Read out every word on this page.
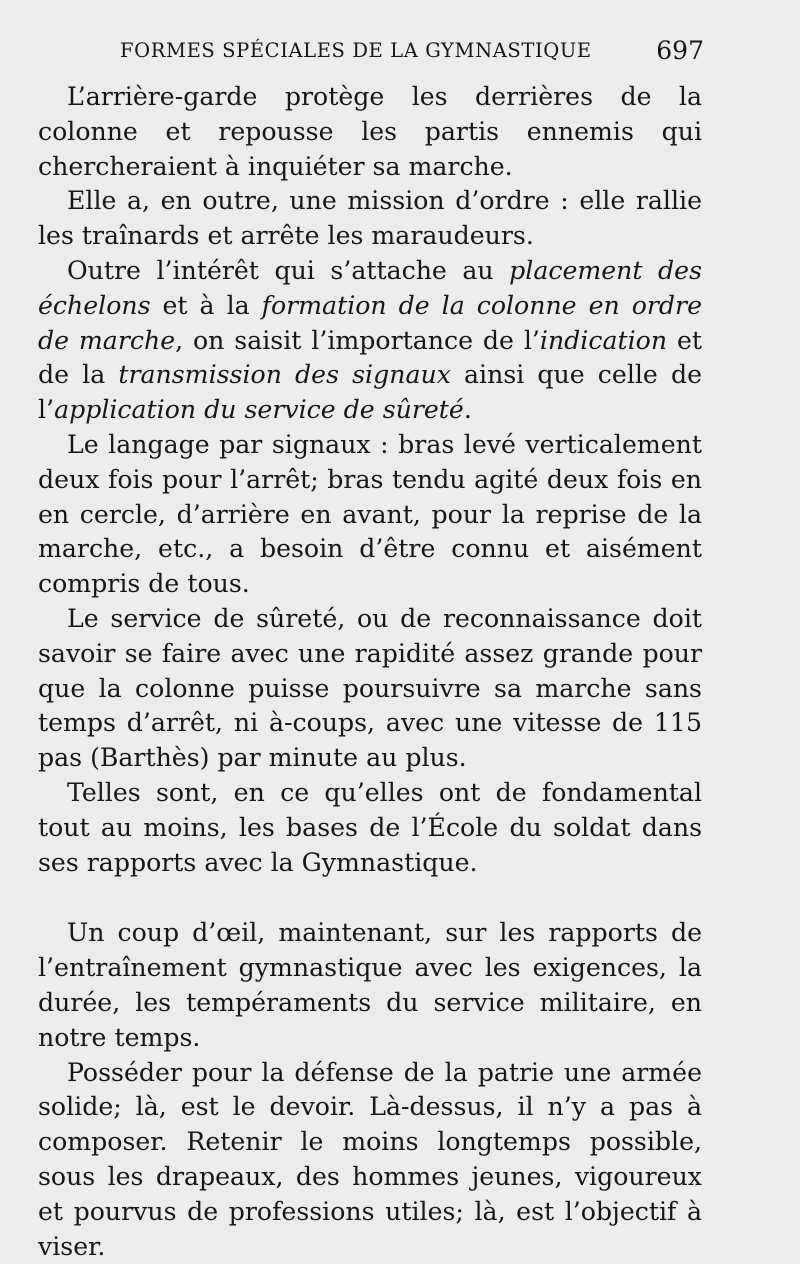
FORMES SPÉCIALES DE LA GYMNASTIQUE	697

L’arrière-garde protège les derrières de la colonne et repousse les partis ennemis qui chercheraient à inquiéter sa marche.

Elle a, en outre, une mission d’ordre : elle rallie les traînards et arrête les maraudeurs.

Outre l’intérêt qui s’attache au placement des échelons et à la formation de la colonne en ordre de marche, on saisit l’importance de l’indication et de la transmission des signaux ainsi que celle de l’application du service de sûreté.

Le langage par signaux : bras levé verticalement deux fois pour l’arrêt; bras tendu agité deux fois en en cercle, d’arrière en avant, pour la reprise de la marche, etc., a besoin d’être connu et aisément compris de tous.

Le service de sûreté, ou de reconnaissance doit savoir se faire avec une rapidité assez grande pour que la colonne puisse poursuivre sa marche sans temps d’arrêt, ni à-coups, avec une vitesse de 115 pas (Barthès) par minute au plus.

Telles sont, en ce qu’elles ont de fondamental tout au moins, les bases de l’École du soldat dans ses rapports avec la Gymnastique.

Un coup d’œil, maintenant, sur les rapports de l’entraînement gymnastique avec les exigences, la durée, les tempéraments du service militaire, en notre temps.

Posséder pour la défense de la patrie une armée solide; là, est le devoir. Là-dessus, il n’y a pas à composer. Retenir le moins longtemps possible, sous les drapeaux, des hommes jeunes, vigoureux et pourvus de professions utiles; là, est l’objectif à viser.
